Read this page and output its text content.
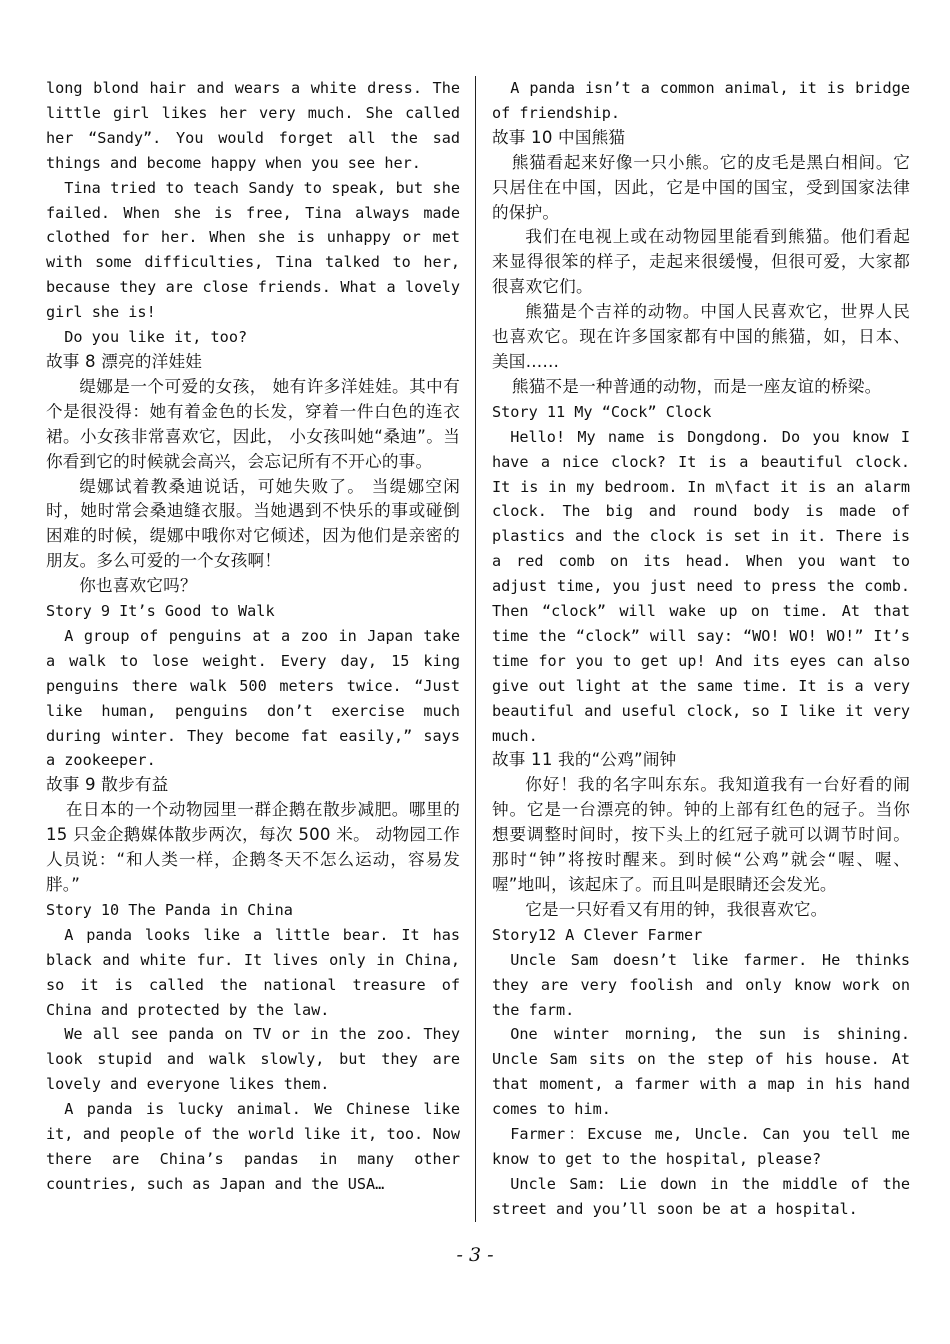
long blond hair and wears a white dress. The little girl likes her very much. She called her “Sandy”. You would forget all the sad things and become happy when you see her.

Tina tried to teach Sandy to speak, but she failed. When she is free, Tina always made clothed for her. When she is unhappy or met with some difficulties, Tina talked to her, because they are close friends. What a lovely girl she is!

Do you like it, too?

故事 8 漂亮的洋娃娃

缇娜是一个可爱的女孩， 她有许多洋娃娃。其中有个是很没得：她有着金色的长发，穿着一件白色的连衣裙。小女孩非常喜欢它，因此， 小女孩叫她“桑迪”。当你看到它的时候就会高兴，会忘记所有不开心的事。

缇娜试着教桑迪说话，可她失败了。 当缇娜空闲时，她时常会桑迪缝衣服。当她遇到不快乐的事或碰倒困难的时候，缇娜中哦你对它倾述，因为他们是亲密的朋友。多么可爱的一个女孩啊！

你也喜欢它吗？

Story 9 It’s Good to Walk

A group of penguins at a zoo in Japan take a walk to lose weight. Every day, 15 king penguins there walk 500 meters twice. “Just like human, penguins don’t exercise much during winter. They become fat easily,” says a zookeeper.

故事 9 散步有益

在日本的一个动物园里一群企鹅在散步减肥。哪里的 15 只金企鹅媒体散步两次，每次 500 米。 动物园工作人员说：“和人类一样，企鹅冬天不怎么运动，容易发胖。”

Story 10 The Panda in China

A panda looks like a little bear. It has black and white fur. It lives only in China, so it is called the national treasure of China and protected by the law.

We all see panda on TV or in the zoo. They look stupid and walk slowly, but they are lovely and everyone likes them.

A panda is lucky animal. We Chinese like it, and people of the world like it, too. Now there are China’s pandas in many other countries, such as Japan and the USA…

A panda isn’t a common animal, it is bridge of friendship.

故事 10 中国熊猫

熊猫看起来好像一只小熊。它的皮毛是黑白相间。它只居住在中国，因此，它是中国的国宝，受到国家法律的保护。

我们在电视上或在动物园里能看到熊猫。他们看起来显得很笨的样子，走起来很缓慢，但很可爱，大家都很喜欢它们。

熊猫是个吉祥的动物。中国人民喜欢它，世界人民也喜欢它。现在许多国家都有中国的熊猫，如，日本、美国……

熊猫不是一种普通的动物，而是一座友谊的桥梁。

Story 11 My “Cock” Clock

Hello! My name is Dongdong. Do you know I have a nice clock? It is a beautiful clock. It is in my bedroom. In m\fact it is an alarm clock. The big and round body is made of plastics and the clock is set in it. There is a red comb on its head. When you want to adjust time, you just need to press the comb. Then “clock” will wake up on time. At that time the “clock” will say: “WO! WO! WO!” It’s time for you to get up! And its eyes can also give out light at the same time. It is a very beautiful and useful clock, so I like it very much.

故事 11 我的“公鸡”闹钟

你好！我的名字叫东东。我知道我有一台好看的闹钟。它是一台漂亮的钟。钟的上部有红色的冠子。当你想要调整时间时，按下头上的红冠子就可以调节时间。那时“钟”将按时醒来。到时候“公鸡”就会“喔、喔、喔”地叫，该起床了。而且叫是眼睛还会发光。

它是一只好看又有用的钟，我很喜欢它。

Story12 A Clever Farmer

Uncle Sam doesn’t like farmer. He thinks they are very foolish and only know work on the farm.

One winter morning, the sun is shining. Uncle Sam sits on the step of his house. At that moment, a farmer with a map in his hand comes to him.

Farmer：Excuse me, Uncle. Can you tell me know to get to the hospital, please?

Uncle Sam: Lie down in the middle of the street and you’ll soon be at a hospital.

- 3 -
